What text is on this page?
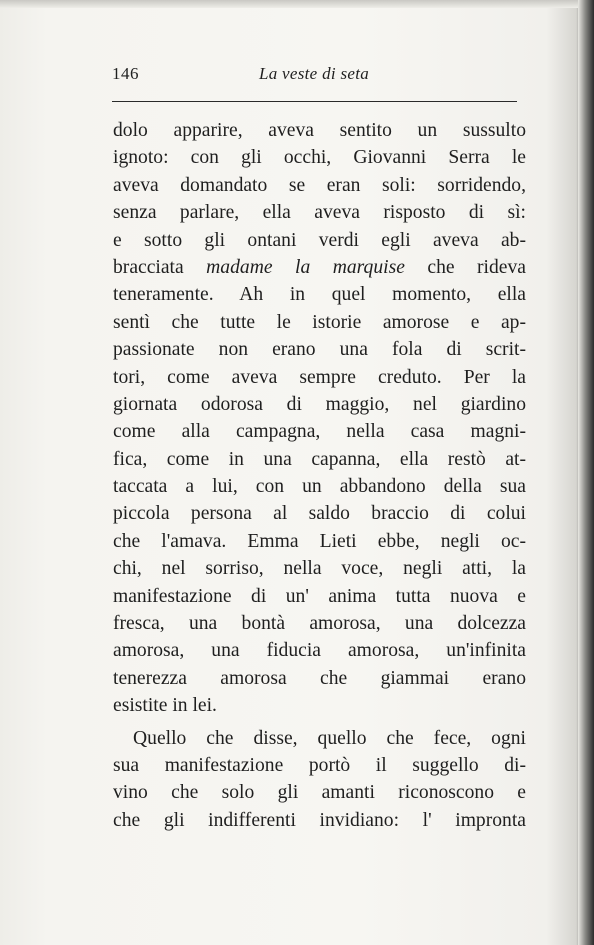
146	La veste di seta
dolo apparire, aveva sentito un sussulto
ignoto: con gli occhi, Giovanni Serra le
aveva domandato se eran soli: sorridendo,
senza parlare, ella aveva risposto di sì:
e sotto gli ontani verdi egli aveva ab-
bracciata madame la marquise che rideva
teneramente. Ah in quel momento, ella
sentì che tutte le istorie amorose e ap-
passionate non erano una fola di scrit-
tori, come aveva sempre creduto. Per la
giornata odorosa di maggio, nel giardino
come alla campagna, nella casa magni-
fica, come in una capanna, ella restò at-
taccata a lui, con un abbandono della sua
piccola persona al saldo braccio di colui
che l'amava. Emma Lieti ebbe, negli oc-
chi, nel sorriso, nella voce, negli atti, la
manifestazione di un' anima tutta nuova e
fresca, una bontà amorosa, una dolcezza
amorosa, una fiducia amorosa, un'infinita
tenerezza amorosa che giammai erano
esistite in lei.
Quello che disse, quello che fece, ogni
sua manifestazione portò il suggello di-
vino che solo gli amanti riconoscono e
che gli indifferenti invidiano: l' impronta
